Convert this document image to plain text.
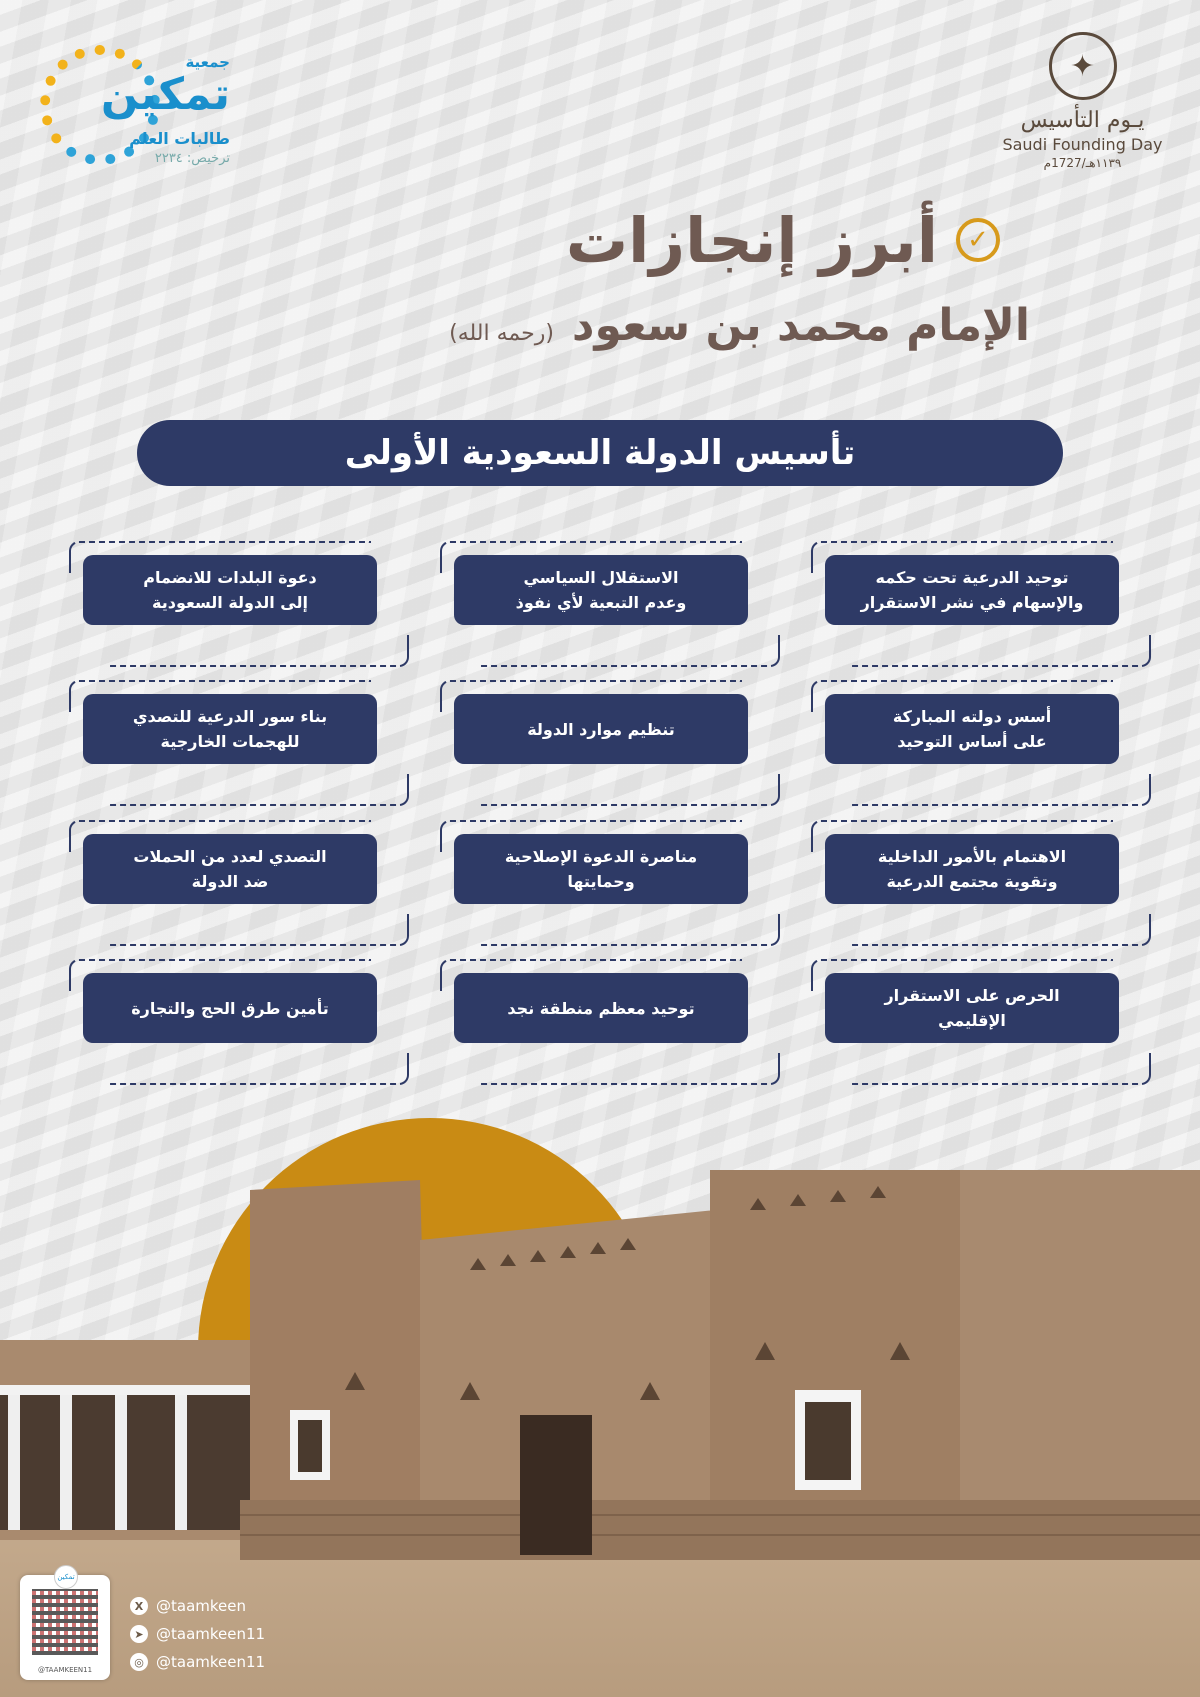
جمعية
تمكين
طالبات العلم
ترخيص: ٢٢٣٤
✦
يـوم التأسيس
Saudi Founding Day
١١٣٩هـ/1727م
✓
أبرز إنجازات
الإمام محمد بن سعود
(رحمه الله)
تأسيس الدولة السعودية الأولى
توحيد الدرعية تحت حكمه
والإسهام في نشر الاستقرار
الاستقلال السياسي
وعدم التبعية لأي نفوذ
دعوة البلدات للانضمام
إلى الدولة السعودية
أسس دولته المباركة
على أساس التوحيد
تنظيم موارد الدولة
بناء سور الدرعية للتصدي
للهجمات الخارجية
الاهتمام بالأمور الداخلية
وتقوية مجتمع الدرعية
مناصرة الدعوة الإصلاحية
وحمايتها
التصدي لعدد من الحملات
ضد الدولة
الحرص على الاستقرار
الإقليمي
توحيد معظم منطقة نجد
تأمين طرق الحج والتجارة
تمكين
@TAAMKEEN11
X @taamkeen
➤ @taamkeen11
◎ @taamkeen11
